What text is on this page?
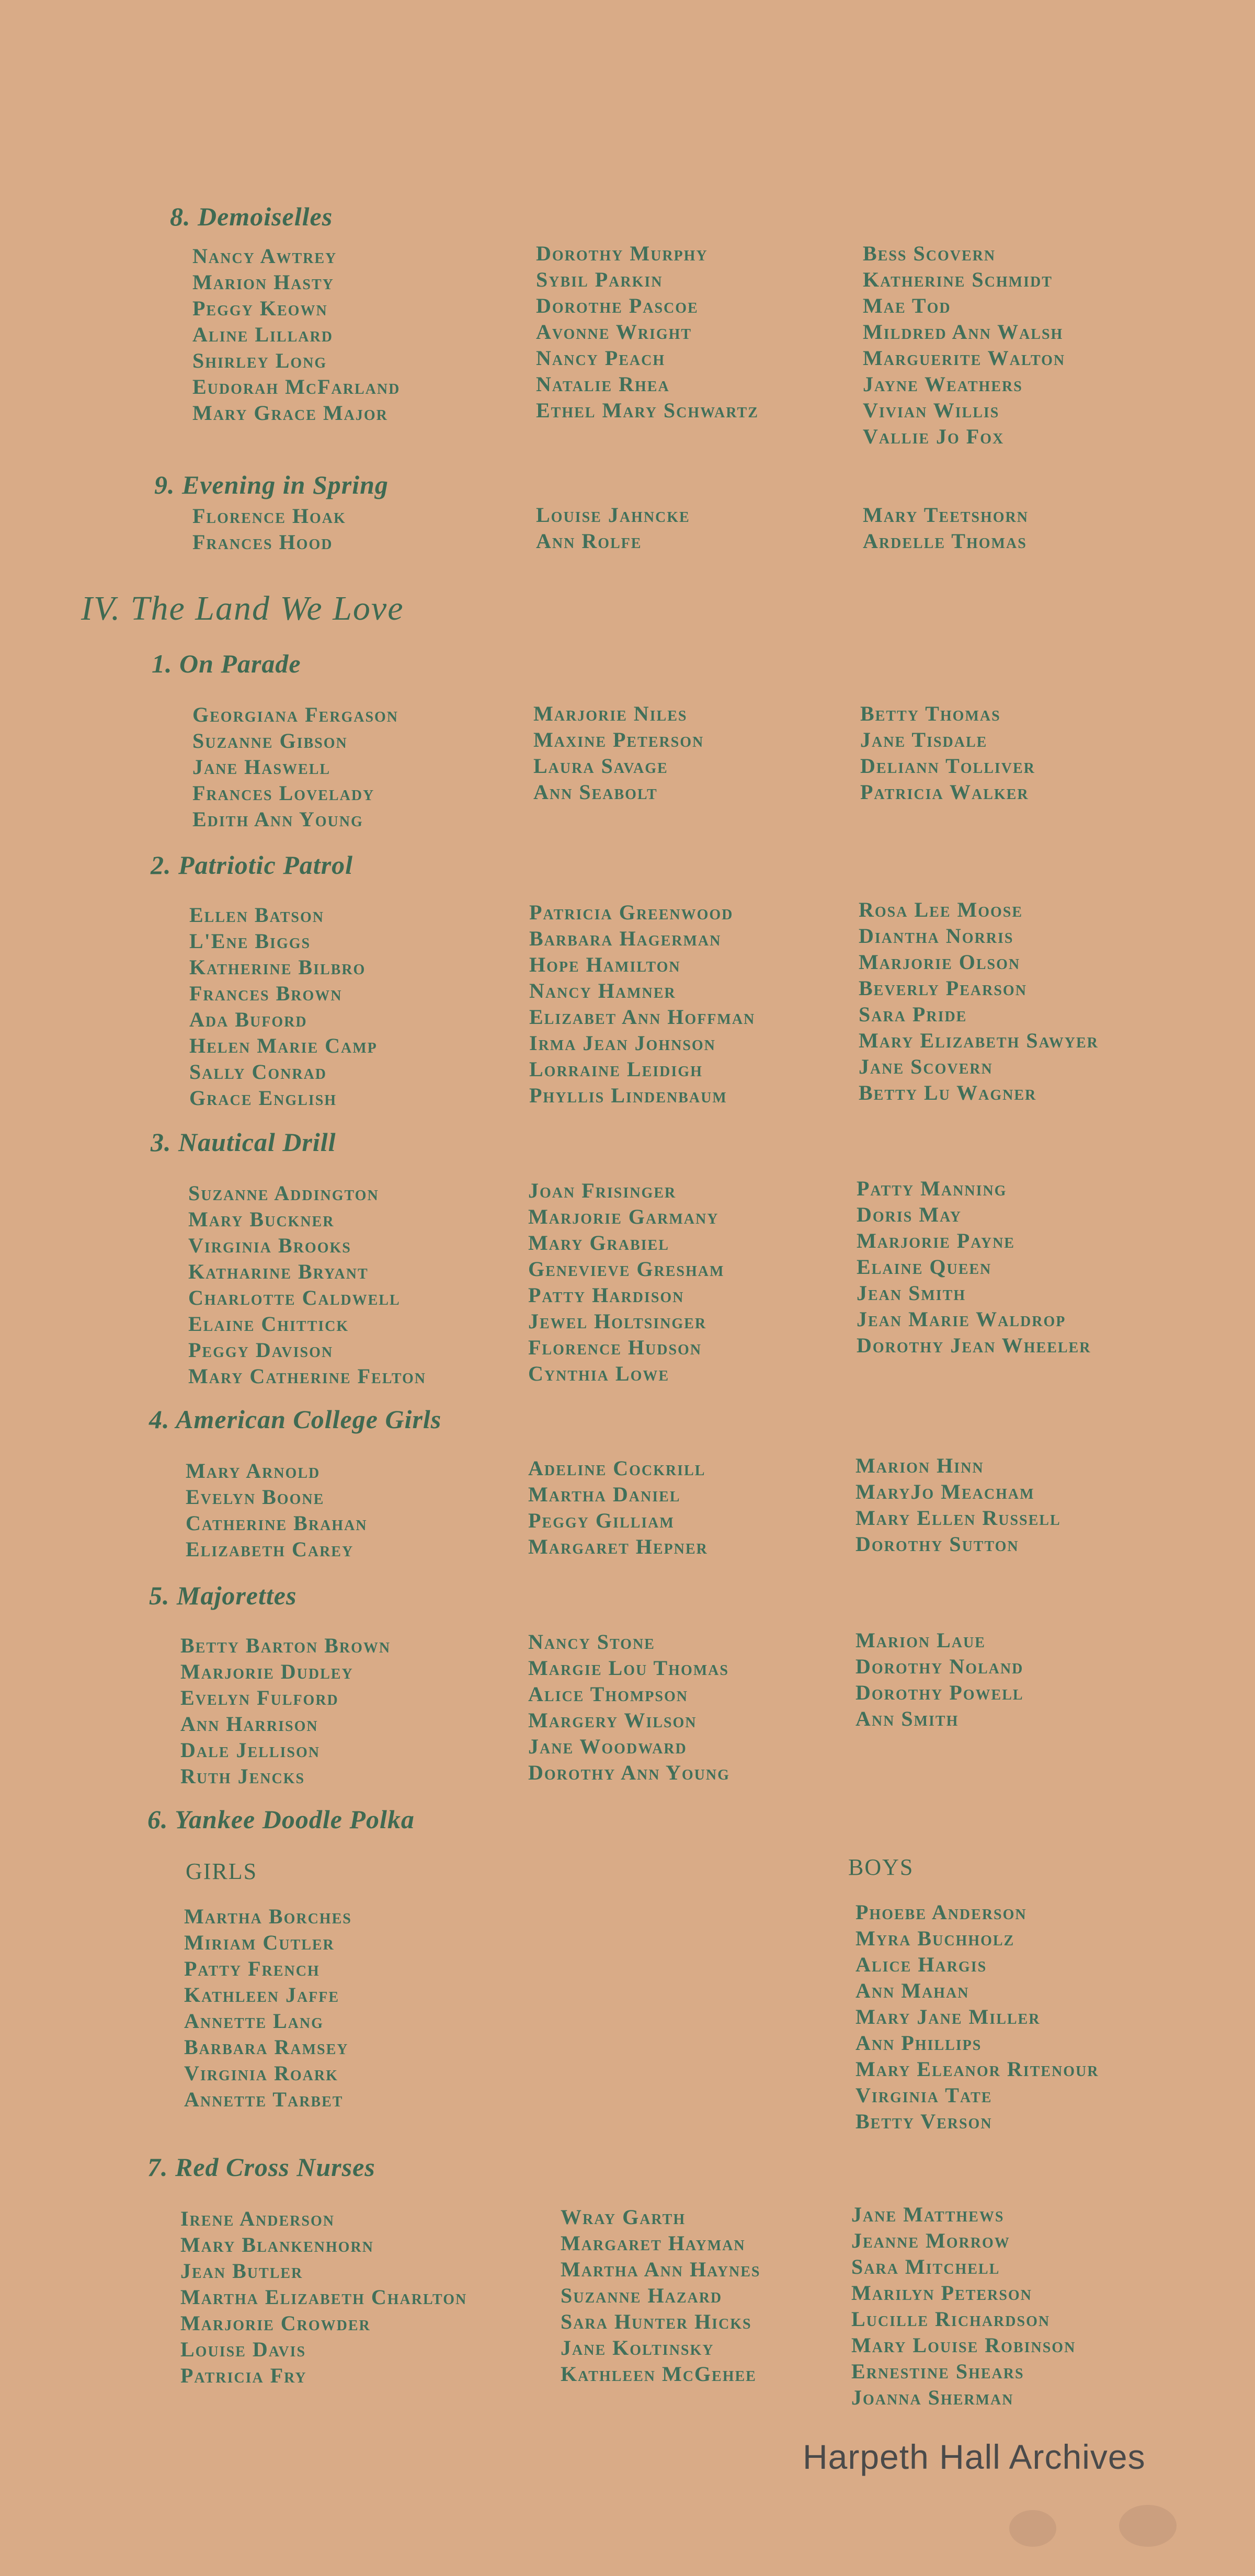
8. Demoiselles
Nancy Awtrey
Marion Hasty
Peggy Keown
Aline Lillard
Shirley Long
Eudorah McFarland
Mary Grace Major
Dorothy Murphy
Sybil Parkin
Dorothe Pascoe
Avonne Wright
Nancy Peach
Natalie Rhea
Ethel Mary Schwartz
Bess Scovern
Katherine Schmidt
Mae Tod
Mildred Ann Walsh
Marguerite Walton
Jayne Weathers
Vivian Willis
Vallie Jo Fox
9. Evening in Spring
Florence Hoak
Frances Hood
Louise Jahncke
Ann Rolfe
Mary Teetshorn
Ardelle Thomas
IV. The Land We Love
1. On Parade
Georgiana Fergason
Suzanne Gibson
Jane Haswell
Frances Lovelady
Edith Ann Young
Marjorie Niles
Maxine Peterson
Laura Savage
Ann Seabolt
Betty Thomas
Jane Tisdale
Deliann Tolliver
Patricia Walker
2. Patriotic Patrol
Ellen Batson
L'Ene Biggs
Katherine Bilbro
Frances Brown
Ada Buford
Helen Marie Camp
Sally Conrad
Grace English
Patricia Greenwood
Barbara Hagerman
Hope Hamilton
Nancy Hamner
Elizabet Ann Hoffman
Irma Jean Johnson
Lorraine Leidigh
Phyllis Lindenbaum
Rosa Lee Moose
Diantha Norris
Marjorie Olson
Beverly Pearson
Sara Pride
Mary Elizabeth Sawyer
Jane Scovern
Betty Lu Wagner
3. Nautical Drill
Suzanne Addington
Mary Buckner
Virginia Brooks
Katharine Bryant
Charlotte Caldwell
Elaine Chittick
Peggy Davison
Mary Catherine Felton
Joan Frisinger
Marjorie Garmany
Mary Grabiel
Genevieve Gresham
Patty Hardison
Jewel Holtsinger
Florence Hudson
Cynthia Lowe
Patty Manning
Doris May
Marjorie Payne
Elaine Queen
Jean Smith
Jean Marie Waldrop
Dorothy Jean Wheeler
4. American College Girls
Mary Arnold
Evelyn Boone
Catherine Brahan
Elizabeth Carey
Adeline Cockrill
Martha Daniel
Peggy Gilliam
Margaret Hepner
Marion Hinn
MaryJo Meacham
Mary Ellen Russell
Dorothy Sutton
5. Majorettes
Betty Barton Brown
Marjorie Dudley
Evelyn Fulford
Ann Harrison
Dale Jellison
Ruth Jencks
Nancy Stone
Margie Lou Thomas
Alice Thompson
Margery Wilson
Jane Woodward
Dorothy Ann Young
Marion Laue
Dorothy Noland
Dorothy Powell
Ann Smith
6. Yankee Doodle Polka
GIRLS	BOYS
Martha Borches
Miriam Cutler
Patty French
Kathleen Jaffe
Annette Lang
Barbara Ramsey
Virginia Roark
Annette Tarbet
Phoebe Anderson
Myra Buchholz
Alice Hargis
Ann Mahan
Mary Jane Miller
Ann Phillips
Mary Eleanor Ritenour
Virginia Tate
Betty Verson
7. Red Cross Nurses
Irene Anderson
Mary Blankenhorn
Jean Butler
Martha Elizabeth Charlton
Marjorie Crowder
Louise Davis
Patricia Fry
Wray Garth
Margaret Hayman
Martha Ann Haynes
Suzanne Hazard
Sara Hunter Hicks
Jane Koltinsky
Kathleen McGehee
Jane Matthews
Jeanne Morrow
Sara Mitchell
Marilyn Peterson
Lucille Richardson
Mary Louise Robinson
Ernestine Shears
Joanna Sherman
Harpeth Hall Archives
